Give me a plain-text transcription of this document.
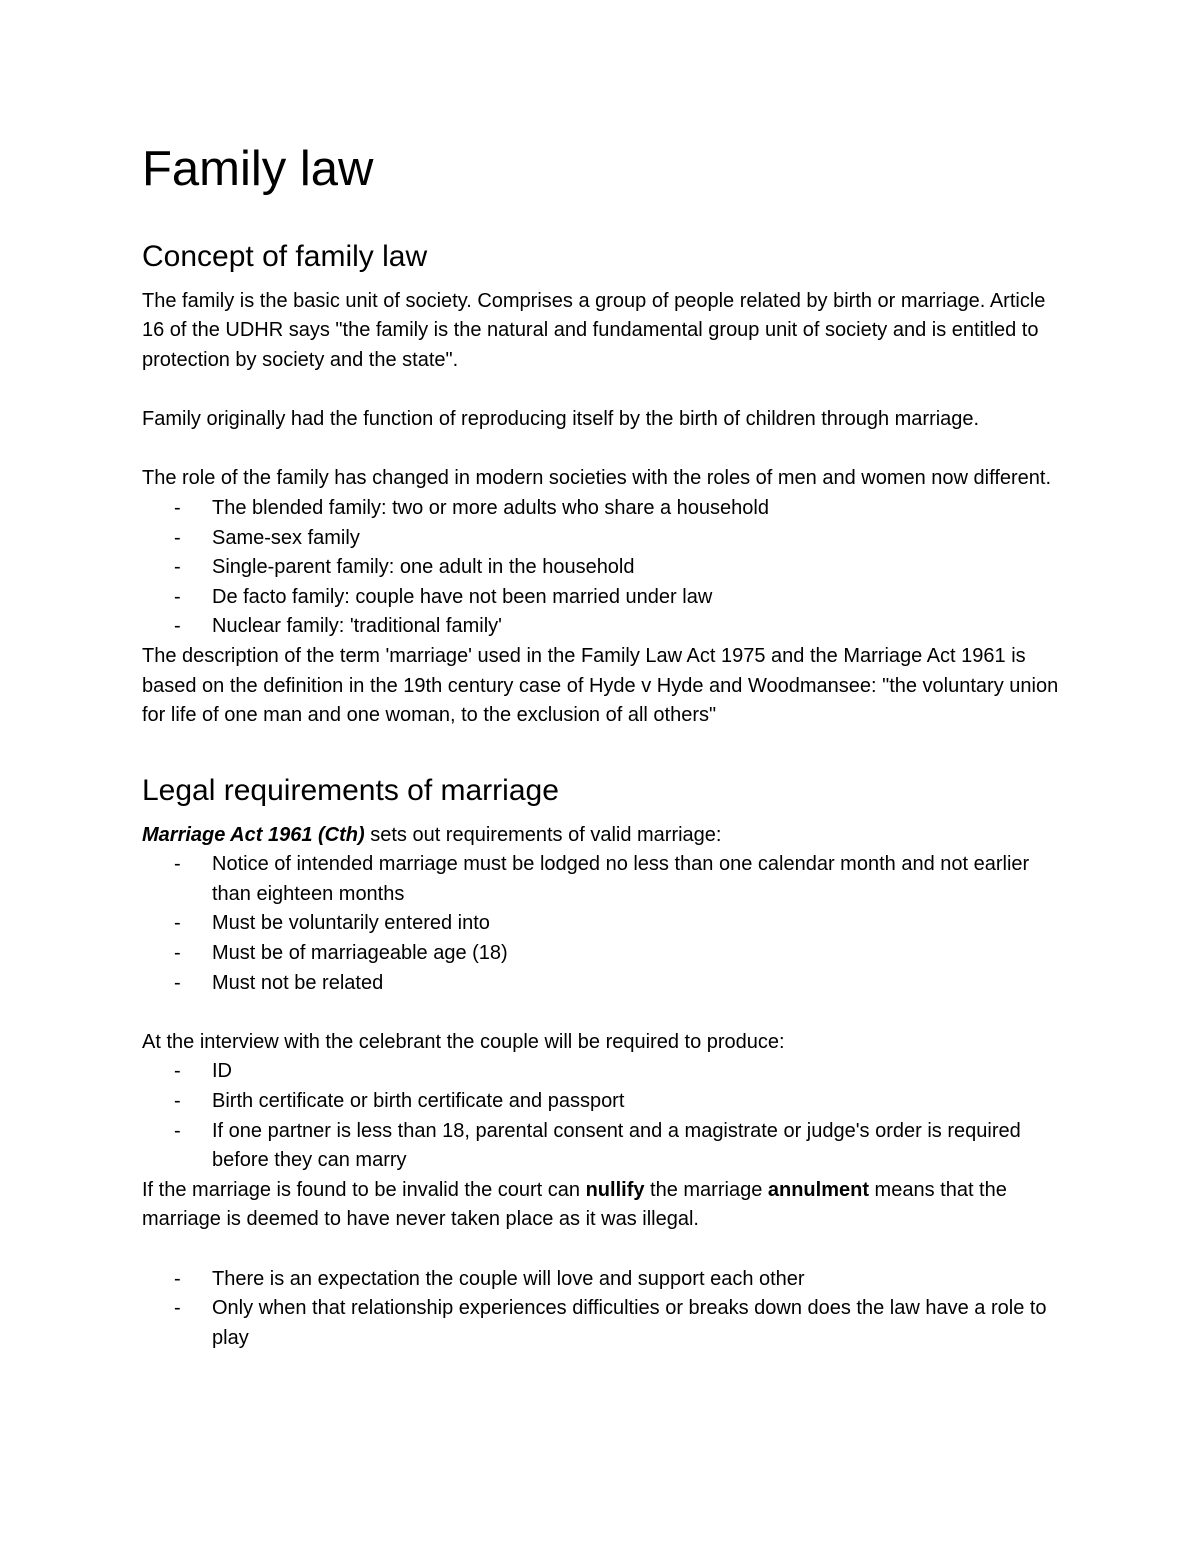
Family law
Concept of family law

The family is the basic unit of society. Comprises a group of people related by birth or marriage. Article 16 of the UDHR says "the family is the natural and fundamental group unit of society and is entitled to protection by society and the state".

Family originally had the function of reproducing itself by the birth of children through marriage.

The role of the family has changed in modern societies with the roles of men and women now different.

- The blended family: two or more adults who share a household
- Same-sex family
- Single-parent family: one adult in the household
- De facto family: couple have not been married under law
- Nuclear family: 'traditional family'

The description of the term 'marriage' used in the Family Law Act 1975 and the Marriage Act 1961 is based on the definition in the 19th century case of Hyde v Hyde and Woodmansee: "the voluntary union for life of one man and one woman, to the exclusion of all others"

Legal requirements of marriage

Marriage Act 1961 (Cth) sets out requirements of valid marriage:

- Notice of intended marriage must be lodged no less than one calendar month and not earlier than eighteen months
- Must be voluntarily entered into
- Must be of marriageable age (18)
- Must not be related

At the interview with the celebrant the couple will be required to produce:

- ID
- Birth certificate or birth certificate and passport
- If one partner is less than 18, parental consent and a magistrate or judge's order is required before they can marry

If the marriage is found to be invalid the court can nullify the marriage annulment means that the marriage is deemed to have never taken place as it was illegal.

- There is an expectation the couple will love and support each other
- Only when that relationship experiences difficulties or breaks down does the law have a role to play
